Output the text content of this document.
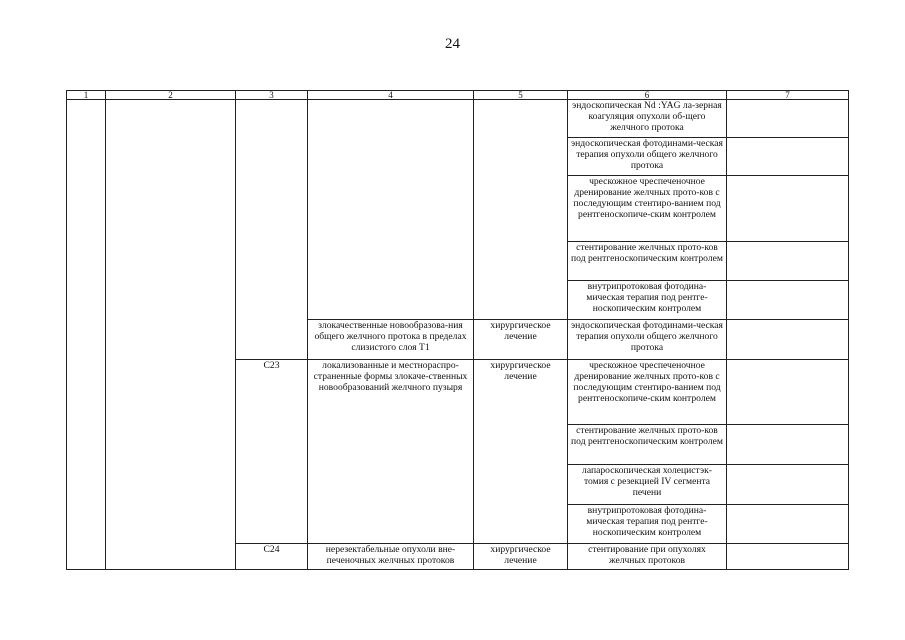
24
1	2	3	4	5	6	7
					эндоскопическая Nd :YAG ла-зерная коагуляция опухоли об-щего желчного протока	
					эндоскопическая фотодинами-ческая терапия опухоли общего желчного протока	
					чрескожное чреспеченочное дренирование желчных прото-ков с последующим стентиро-ванием под рентгеноскопиче-ским контролем	
					стентирование желчных прото-ков под рентгеноскопическим контролем	
					внутрипротоковая фотодина-мическая терапия под рентге-носкопическим контролем	
			злокачественные новообразова-ния общего желчного протока в пределах слизистого слоя T1	хирургическое лечение	эндоскопическая фотодинами-ческая терапия опухоли общего желчного протока	
		C23	локализованные и местнораспро-страненные формы злокаче-ственных новообразований желчного пузыря	хирургическое лечение	чрескожное чреспеченочное дренирование желчных прото-ков с последующим стентиро-ванием под рентгеноскопиче-ским контролем	
					стентирование желчных прото-ков под рентгеноскопическим контролем	
					лапароскопическая холецистэк-томия с резекцией IV сегмента печени	
					внутрипротоковая фотодина-мическая терапия под рентге-носкопическим контролем	
		C24	нерезектабельные опухоли вне-печеночных желчных протоков	хирургическое лечение	стентирование при опухолях желчных протоков	
